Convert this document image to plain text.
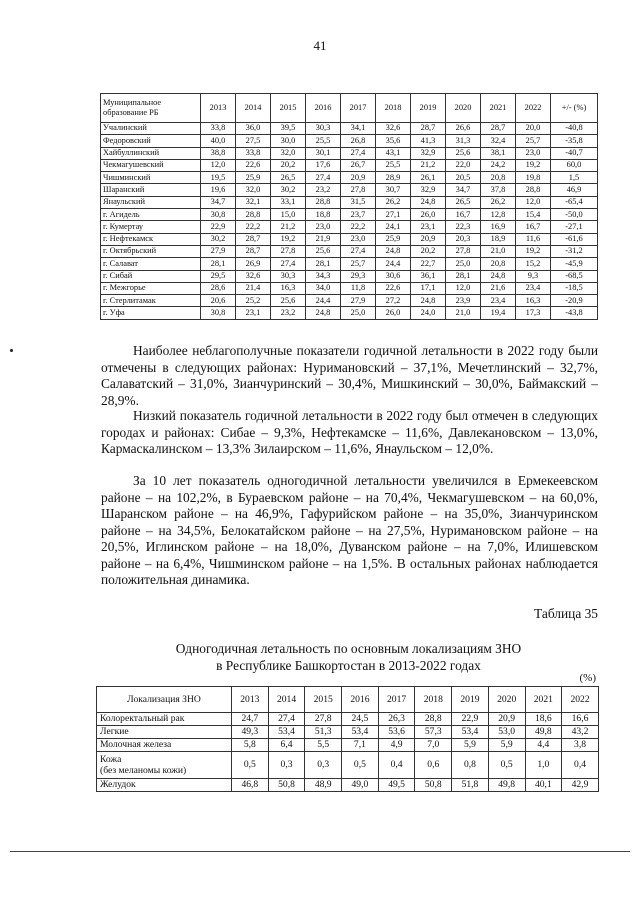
41
Муниципальное образование РБ	2013	2014	2015	2016	2017	2018	2019	2020	2021	2022	+/- (%)
Учалинский	33,8	36,0	39,5	30,3	34,1	32,6	28,7	26,6	28,7	20,0	-40,8
Федоровский	40,0	27,5	30,0	25,5	26,8	35,6	41,3	31,3	32,4	25,7	-35,8
Хайбуллинский	38,8	33,8	32,0	30,1	27,4	43,1	32,9	25,6	38,1	23,0	-40,7
Чекмагушевский	12,0	22,6	20,2	17,6	26,7	25,5	21,2	22,0	24,2	19,2	60,0
Чишминский	19,5	25,9	26,5	27,4	20,9	28,9	26,1	20,5	20,8	19,8	1,5
Шаранский	19,6	32,0	30,2	23,2	27,8	30,7	32,9	34,7	37,8	28,8	46,9
Янаульский	34,7	32,1	33,1	28,8	31,5	26,2	24,8	26,5	26,2	12,0	-65,4
г. Агидель	30,8	28,8	15,0	18,8	23,7	27,1	26,0	16,7	12,8	15,4	-50,0
г. Кумертау	22,9	22,2	21,2	23,0	22,2	24,1	23,1	22,3	16,9	16,7	-27,1
г. Нефтекамск	30,2	28,7	19,2	21,9	23,0	25,9	20,9	20,3	18,9	11,6	-61,6
г. Октябрьский	27,9	28,7	27,8	25,6	27,4	24,8	20,2	27,8	21,0	19,2	-31,2
г. Салават	28,1	26,9	27,4	28,1	25,7	24,4	22,7	25,0	20,8	15,2	-45,9
г. Сибай	29,5	32,6	30,3	34,3	29,3	30,6	36,1	28,1	24,8	9,3	-68,5
г. Межгорье	28,6	21,4	16,3	34,0	11,8	22,6	17,1	12,0	21,6	23,4	-18,5
г. Стерлитамак	20,6	25,2	25,6	24,4	27,9	27,2	24,8	23,9	23,4	16,3	-20,9
г. Уфа	30,8	23,1	23,2	24,8	25,0	26,0	24,0	21,0	19,4	17,3	-43,8

Наиболее неблагополучные показатели годичной летальности в 2022 году были отмечены в следующих районах: Нуримановский – 37,1%, Мечетлинский – 32,7%, Салаватский – 31,0%, Зианчуринский – 30,4%, Мишкинский – 30,0%, Баймакский – 28,9%.

Низкий показатель годичной летальности в 2022 году был отмечен в следующих городах и районах: Сибае – 9,3%, Нефтекамске – 11,6%, Давлекановском – 13,0%, Кармаскалинском – 13,3% Зилаирском – 11,6%, Янаульском – 12,0%.

За 10 лет показатель одногодичной летальности увеличился в Ермекеевском районе – на 102,2%, в Бураевском районе – на 70,4%, Чекмагушевском – на 60,0%, Шаранском районе – на 46,9%, Гафурийском районе – на 35,0%, Зианчуринском районе – на 34,5%, Белокатайском районе – на 27,5%, Нуримановском районе – на 20,5%, Иглинском районе – на 18,0%, Дуванском районе – на 7,0%, Илишевском районе – на 6,4%, Чишминском районе – на 1,5%. В остальных районах наблюдается положительная динамика.

Таблица 35
Одногодичная летальность по основным локализациям ЗНО
в Республике Башкортостан в 2013-2022 годах
(%)
Локализация ЗНО	2013	2014	2015	2016	2017	2018	2019	2020	2021	2022
Колоректальный рак	24,7	27,4	27,8	24,5	26,3	28,8	22,9	20,9	18,6	16,6
Легкие	49,3	53,4	51,3	53,4	53,6	57,3	53,4	53,0	49,8	43,2
Молочная железа	5,8	6,4	5,5	7,1	4,9	7,0	5,9	5,9	4,4	3,8

Кожа
(без меланомы кожи)	0,5	0,3	0,3	0,5	0,4	0,6	0,8	0,5	1,0	0,4
Желудок	46,8	50,8	48,9	49,0	49,5	50,8	51,8	49,8	40,1	42,9
